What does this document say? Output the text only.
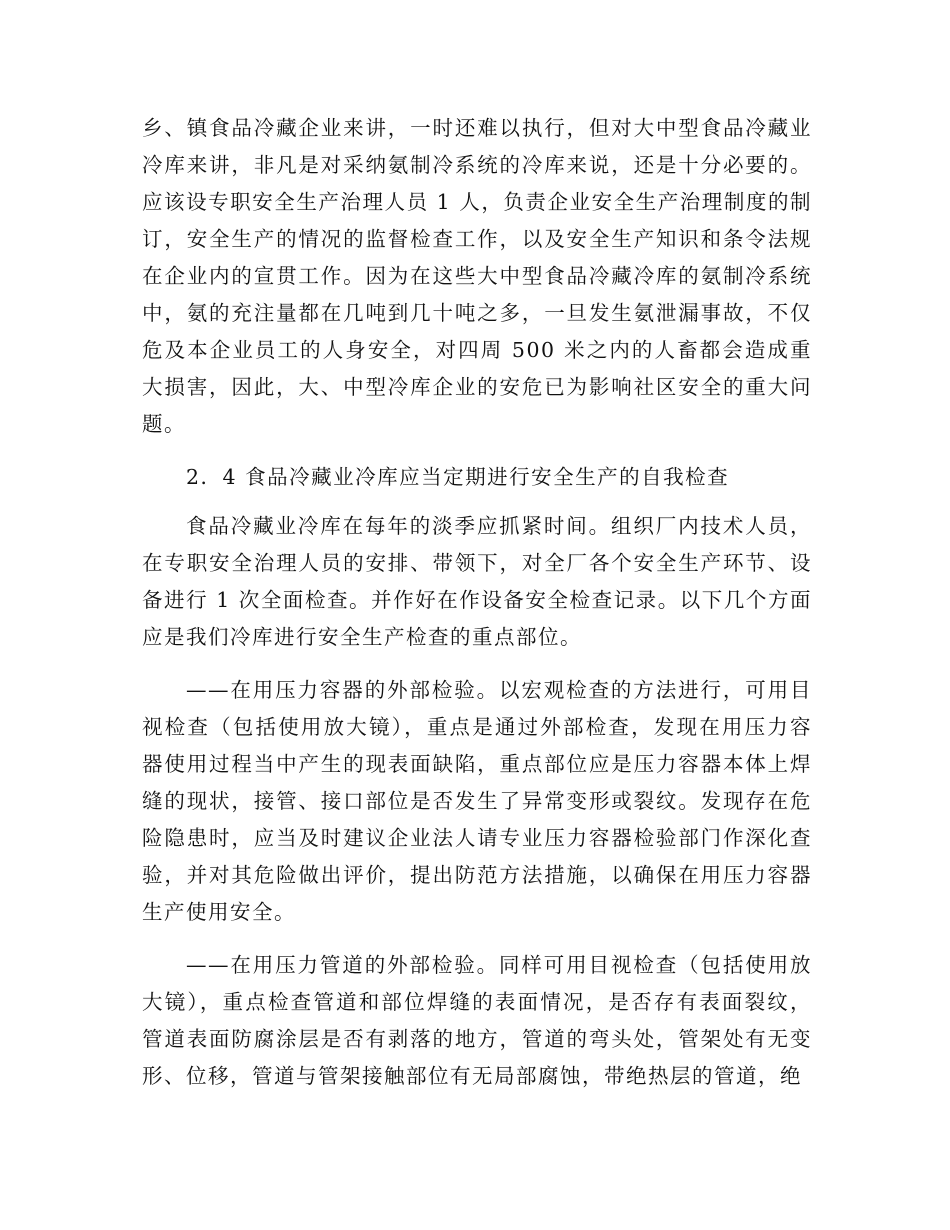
乡、镇食品冷藏企业来讲，一时还难以执行，但对大中型食品冷藏业冷库来讲，非凡是对采纳氨制冷系统的冷库来说，还是十分必要的。应该设专职安全生产治理人员 1 人，负责企业安全生产治理制度的制订，安全生产的情况的监督检查工作，以及安全生产知识和条令法规在企业内的宣贯工作。因为在这些大中型食品冷藏冷库的氨制冷系统中，氨的充注量都在几吨到几十吨之多，一旦发生氨泄漏事故，不仅危及本企业员工的人身安全，对四周 500 米之内的人畜都会造成重大损害，因此，大、中型冷库企业的安危已为影响社区安全的重大问题。

2．4 食品冷藏业冷库应当定期进行安全生产的自我检查

食品冷藏业冷库在每年的淡季应抓紧时间。组织厂内技术人员，在专职安全治理人员的安排、带领下，对全厂各个安全生产环节、设备进行 1 次全面检查。并作好在作设备安全检查记录。以下几个方面应是我们冷库进行安全生产检查的重点部位。

——在用压力容器的外部检验。以宏观检查的方法进行，可用目视检查（包括使用放大镜），重点是通过外部检查，发现在用压力容器使用过程当中产生的现表面缺陷，重点部位应是压力容器本体上焊缝的现状，接管、接口部位是否发生了异常变形或裂纹。发现存在危险隐患时，应当及时建议企业法人请专业压力容器检验部门作深化查验，并对其危险做出评价，提出防范方法措施，以确保在用压力容器生产使用安全。

——在用压力管道的外部检验。同样可用目视检查（包括使用放大镜），重点检查管道和部位焊缝的表面情况，是否存有表面裂纹，管道表面防腐涂层是否有剥落的地方，管道的弯头处，管架处有无变形、位移，管道与管架接触部位有无局部腐蚀，带绝热层的管道，绝
